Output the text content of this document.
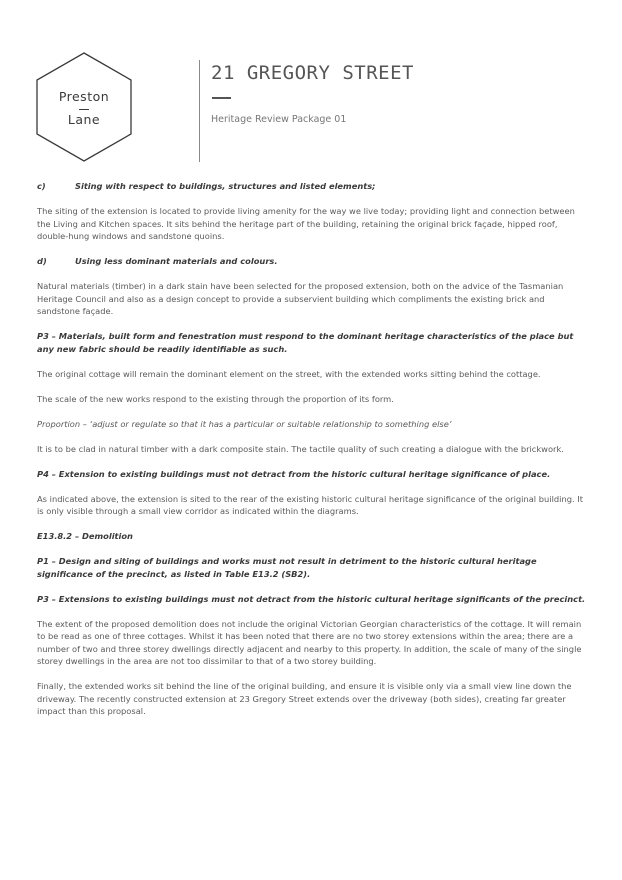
Preston
Lane
21 GREGORY STREET
Heritage Review Package 01

c)	Siting with respect to buildings, structures and listed elements;

The siting of the extension is located to provide living amenity for the way we live today; providing light and connection between the Living and Kitchen spaces. It sits behind the heritage part of the building, retaining the original brick façade, hipped roof, double-hung windows and sandstone quoins.

d)	Using less dominant materials and colours.

Natural materials (timber) in a dark stain have been selected for the proposed extension, both on the advice of the Tasmanian Heritage Council and also as a design concept to provide a subservient building which compliments the existing brick and sandstone façade.

P3 – Materials, built form and fenestration must respond to the dominant heritage characteristics of the place but any new fabric should be readily identifiable as such.

The original cottage will remain the dominant element on the street, with the extended works sitting behind the cottage.

The scale of the new works respond to the existing through the proportion of its form.

Proportion – ‘adjust or regulate so that it has a particular or suitable relationship to something else’

It is to be clad in natural timber with a dark composite stain. The tactile quality of such creating a dialogue with the brickwork.

P4 – Extension to existing buildings must not detract from the historic cultural heritage significance of place.

As indicated above, the extension is sited to the rear of the existing historic cultural heritage significance of the original building. It is only visible through a small view corridor as indicated within the diagrams.

E13.8.2 – Demolition

P1 – Design and siting of buildings and works must not result in detriment to the historic cultural heritage significance of the precinct, as listed in Table E13.2 (SB2).

P3 – Extensions to existing buildings must not detract from the historic cultural heritage significants of the precinct.

The extent of the proposed demolition does not include the original Victorian Georgian characteristics of the cottage. It will remain to be read as one of three cottages. Whilst it has been noted that there are no two storey extensions within the area; there are a number of two and three storey dwellings directly adjacent and nearby to this property. In addition, the scale of many of the single storey dwellings in the area are not too dissimilar to that of a two storey building.

Finally, the extended works sit behind the line of the original building, and ensure it is visible only via a small view line down the driveway. The recently constructed extension at 23 Gregory Street extends over the driveway (both sides), creating far greater impact than this proposal.
